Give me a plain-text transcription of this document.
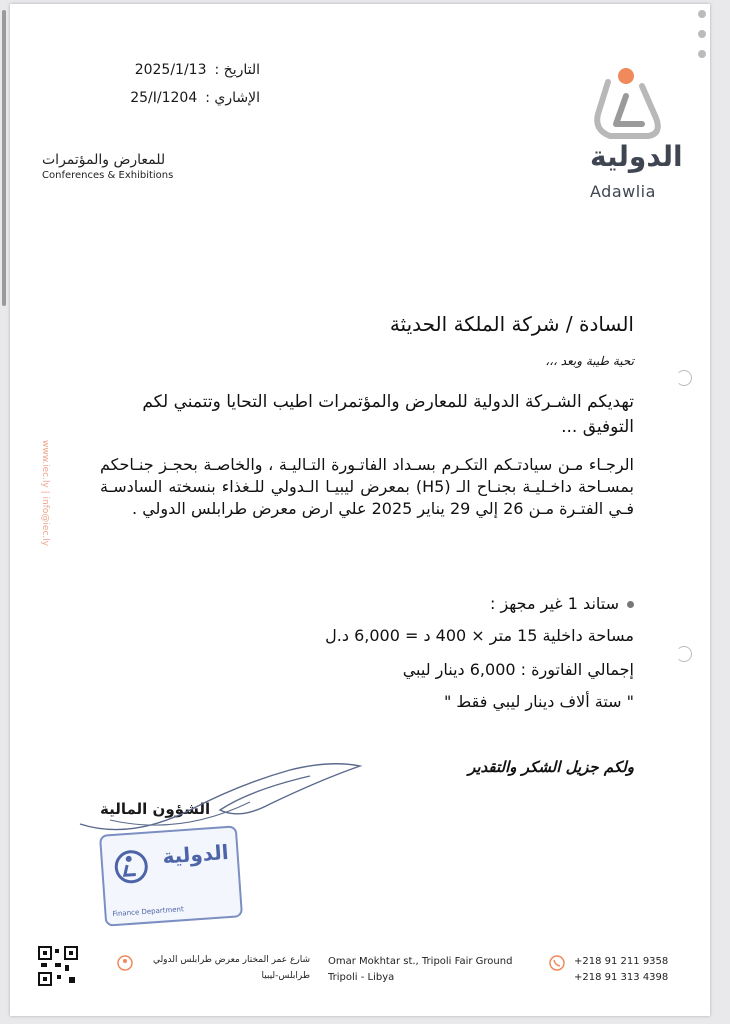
التاريخ :
2025/1/13
الإشاري :
25/I/1204
للمعارض والمؤتمرات
Conferences & Exhibitions
الدولية
Adawlia
www.iec.ly | info@iec.ly
السادة / شركة الملكة الحديثة
تحية طيبة وبعد ،،،
تهديكم الشـركة الدولية للمعارض والمؤتمرات اطيب التحايا وتتمني لكم التوفيق ...
الرجـاء مـن سيادتـكم التكـرم بسـداد الفاتـورة التـاليـة ، والخاصـة بحجـز جنـاحكم بمسـاحة داخـليـة بجنـاح الـ (H5) بمعرض ليبيـا الـدولي للـغذاء بنسخته السادسـة فـي الفتـرة مـن 26 إلي 29 يناير 2025 علي ارض معرض طرابلس الدولي .
ستاند 1 غير مجهز :
مساحة داخلية 15 متر × 400 د = 6,000 د.ل
إجمالي الفاتورة : 6,000 دينار ليبي
" ستة ألاف دينار ليبي فقط "
ولكم جزيل الشكر والتقدير
الشؤون المالية
الدولية
Finance Department
شارع عمر المختار معرض طرابلس الدولي
طرابلس-ليبيا
Omar Mokhtar st., Tripoli Fair Ground
Tripoli - Libya
+218 91 211 9358
+218 91 313 4398
